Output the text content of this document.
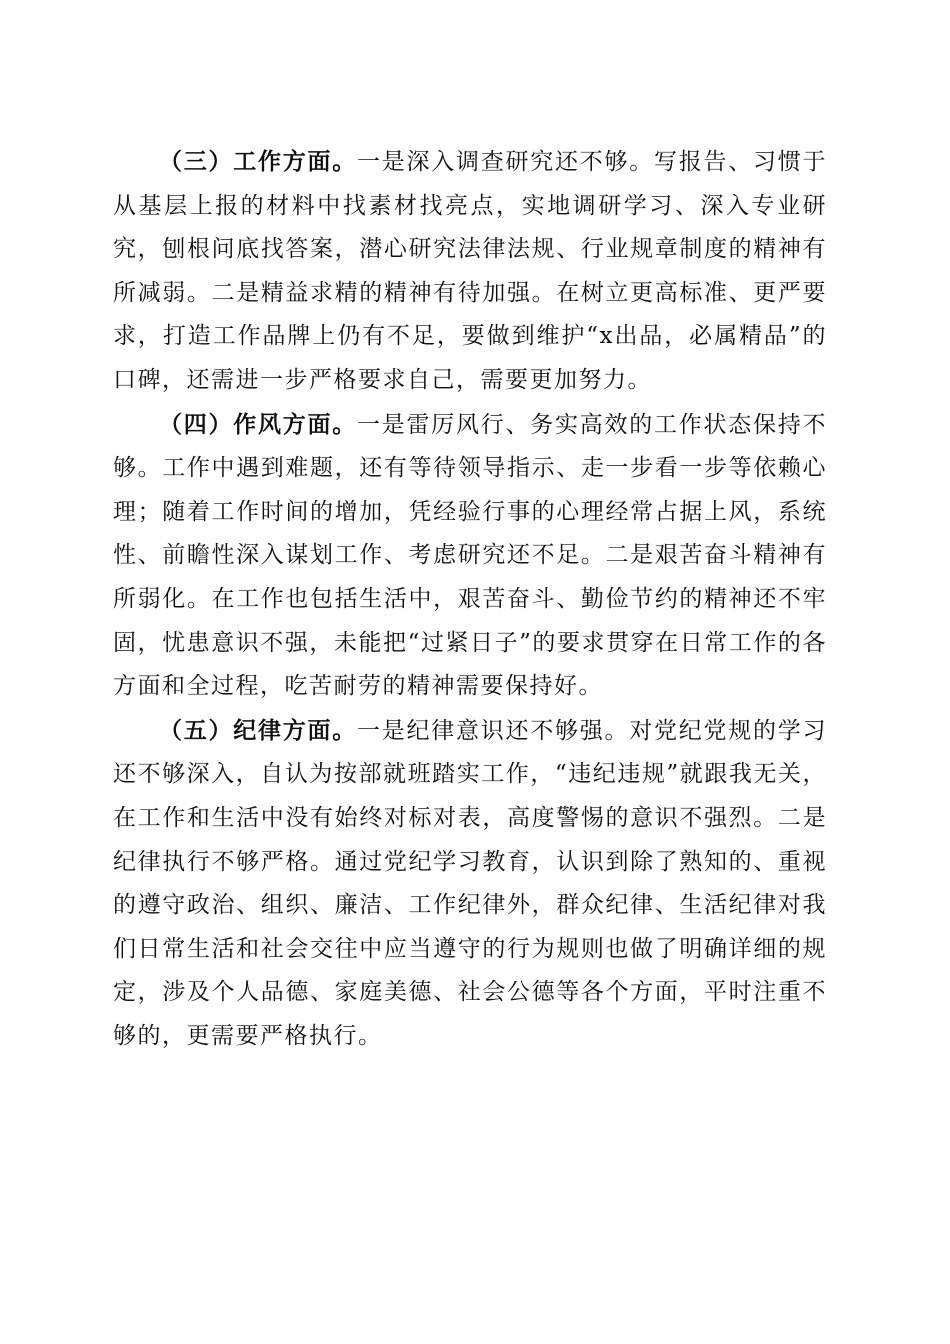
（三）工作方面。一是深入调查研究还不够。写报告、习惯于从基层上报的材料中找素材找亮点，实地调研学习、深入专业研究，刨根问底找答案，潜心研究法律法规、行业规章制度的精神有所减弱。二是精益求精的精神有待加强。在树立更高标准、更严要求，打造工作品牌上仍有不足，要做到维护“x出品，必属精品”的口碑，还需进一步严格要求自己，需要更加努力。

（四）作风方面。一是雷厉风行、务实高效的工作状态保持不够。工作中遇到难题，还有等待领导指示、走一步看一步等依赖心理；随着工作时间的增加，凭经验行事的心理经常占据上风，系统性、前瞻性深入谋划工作、考虑研究还不足。二是艰苦奋斗精神有所弱化。在工作也包括生活中，艰苦奋斗、勤俭节约的精神还不牢固，忧患意识不强，未能把“过紧日子”的要求贯穿在日常工作的各方面和全过程，吃苦耐劳的精神需要保持好。

（五）纪律方面。一是纪律意识还不够强。对党纪党规的学习还不够深入，自认为按部就班踏实工作，“违纪违规”就跟我无关，在工作和生活中没有始终对标对表，高度警惕的意识不强烈。二是纪律执行不够严格。通过党纪学习教育，认识到除了熟知的、重视的遵守政治、组织、廉洁、工作纪律外，群众纪律、生活纪律对我们日常生活和社会交往中应当遵守的行为规则也做了明确详细的规定，涉及个人品德、家庭美德、社会公德等各个方面，平时注重不够的，更需要严格执行。
